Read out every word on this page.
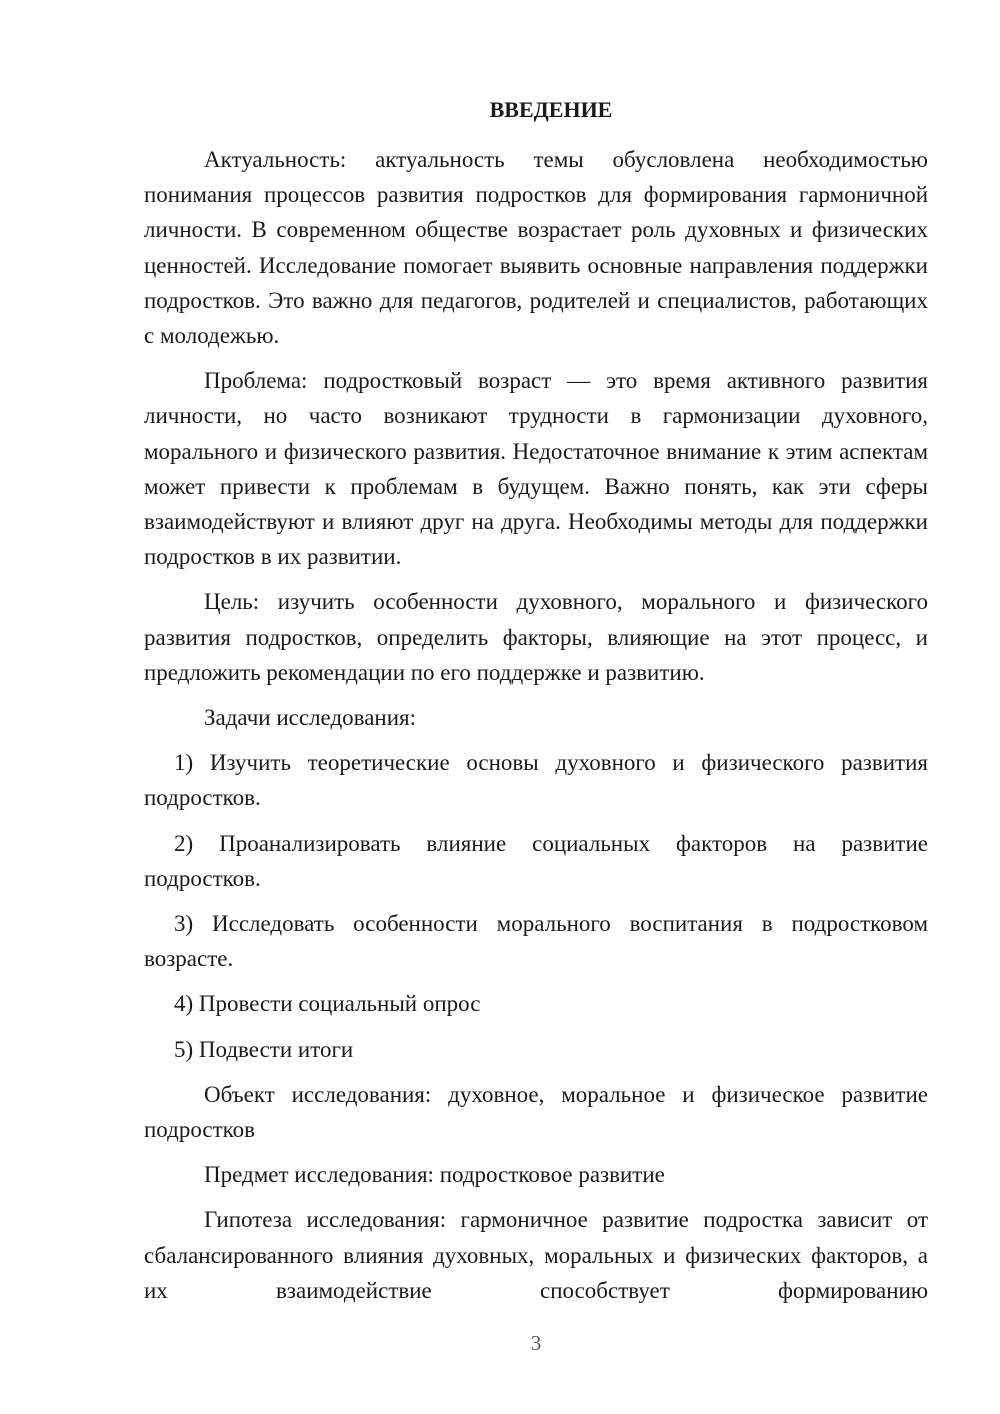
ВВЕДЕНИЕ

Актуальность: актуальность темы обусловлена необходимостью понимания процессов развития подростков для формирования гармоничной личности. В современном обществе возрастает роль духовных и физических ценностей. Исследование помогает выявить основные направления поддержки подростков. Это важно для педагогов, родителей и специалистов, работающих с молодежью.

Проблема: подростковый возраст — это время активного развития личности, но часто возникают трудности в гармонизации духовного, морального и физического развития. Недостаточное внимание к этим аспектам может привести к проблемам в будущем. Важно понять, как эти сферы взаимодействуют и влияют друг на друга. Необходимы методы для поддержки подростков в их развитии.

Цель: изучить особенности духовного, морального и физического развития подростков, определить факторы, влияющие на этот процесс, и предложить рекомендации по его поддержке и развитию.

Задачи исследования:

1) Изучить теоретические основы духовного и физического развития подростков.

2) Проанализировать влияние социальных факторов на развитие подростков.

3) Исследовать особенности морального воспитания в подростковом возрасте.

4) Провести социальный опрос

5) Подвести итоги

Объект исследования: духовное, моральное и физическое развитие подростков

Предмет исследования: подростковое развитие

Гипотеза исследования: гармоничное развитие подростка зависит от сбалансированного влияния духовных, моральных и физических факторов, а их взаимодействие способствует формированию

3
